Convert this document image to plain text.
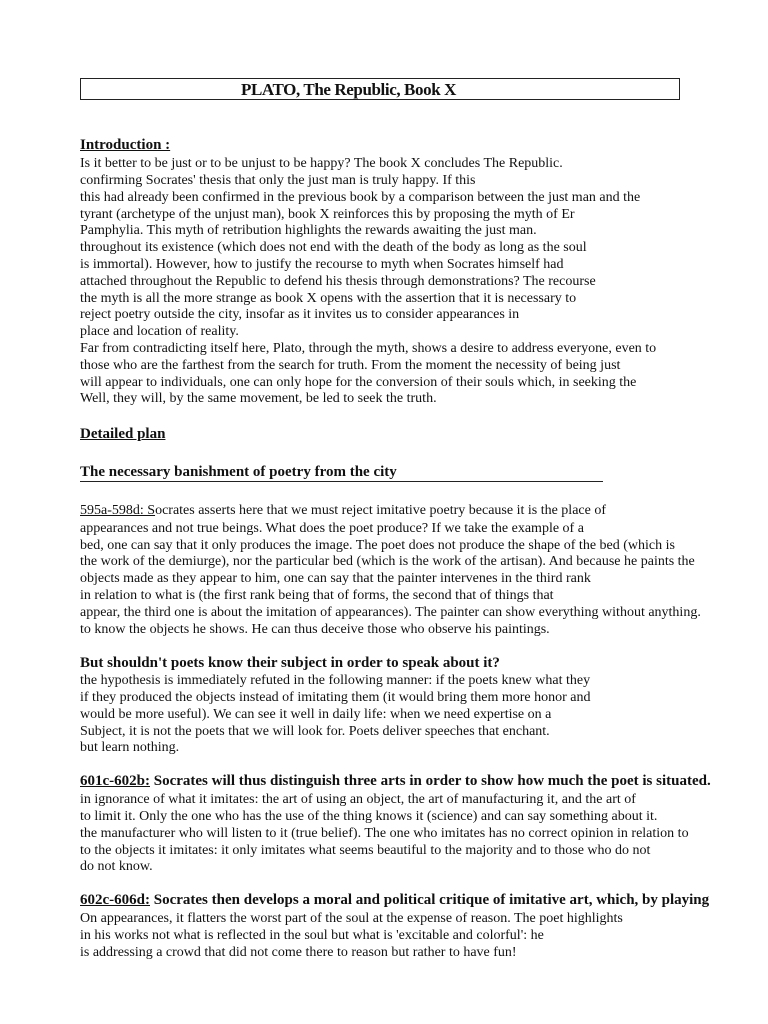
PLATO, The Republic, Book X
Introduction :
Is it better to be just or to be unjust to be happy? The book X concludes The Republic.
confirming Socrates' thesis that only the just man is truly happy. If this
this had already been confirmed in the previous book by a comparison between the just man and the
tyrant (archetype of the unjust man), book X reinforces this by proposing the myth of Er
Pamphylia. This myth of retribution highlights the rewards awaiting the just man.
throughout its existence (which does not end with the death of the body as long as the soul
is immortal). However, how to justify the recourse to myth when Socrates himself had
attached throughout the Republic to defend his thesis through demonstrations? The recourse
the myth is all the more strange as book X opens with the assertion that it is necessary to
reject poetry outside the city, insofar as it invites us to consider appearances in
place and location of reality.
Far from contradicting itself here, Plato, through the myth, shows a desire to address everyone, even to
those who are the farthest from the search for truth. From the moment the necessity of being just
will appear to individuals, one can only hope for the conversion of their souls which, in seeking the
Well, they will, by the same movement, be led to seek the truth.
Detailed plan
The necessary banishment of poetry from the city
595a-598d: Socrates asserts here that we must reject imitative poetry because it is the place of
appearances and not true beings. What does the poet produce? If we take the example of a
bed, one can say that it only produces the image. The poet does not produce the shape of the bed (which is
the work of the demiurge), nor the particular bed (which is the work of the artisan). And because he paints the
objects made as they appear to him, one can say that the painter intervenes in the third rank
in relation to what is (the first rank being that of forms, the second that of things that
appear, the third one is about the imitation of appearances). The painter can show everything without anything.
to know the objects he shows. He can thus deceive those who observe his paintings.
But shouldn't poets know their subject in order to speak about it?
the hypothesis is immediately refuted in the following manner: if the poets knew what they
if they produced the objects instead of imitating them (it would bring them more honor and
would be more useful). We can see it well in daily life: when we need expertise on a
Subject, it is not the poets that we will look for. Poets deliver speeches that enchant.
but learn nothing.
601c-602b: Socrates will thus distinguish three arts in order to show how much the poet is situated.
in ignorance of what it imitates: the art of using an object, the art of manufacturing it, and the art of
to limit it. Only the one who has the use of the thing knows it (science) and can say something about it.
the manufacturer who will listen to it (true belief). The one who imitates has no correct opinion in relation to
to the objects it imitates: it only imitates what seems beautiful to the majority and to those who do not
do not know.
602c-606d: Socrates then develops a moral and political critique of imitative art, which, by playing
On appearances, it flatters the worst part of the soul at the expense of reason. The poet highlights
in his works not what is reflected in the soul but what is 'excitable and colorful': he
is addressing a crowd that did not come there to reason but rather to have fun!
